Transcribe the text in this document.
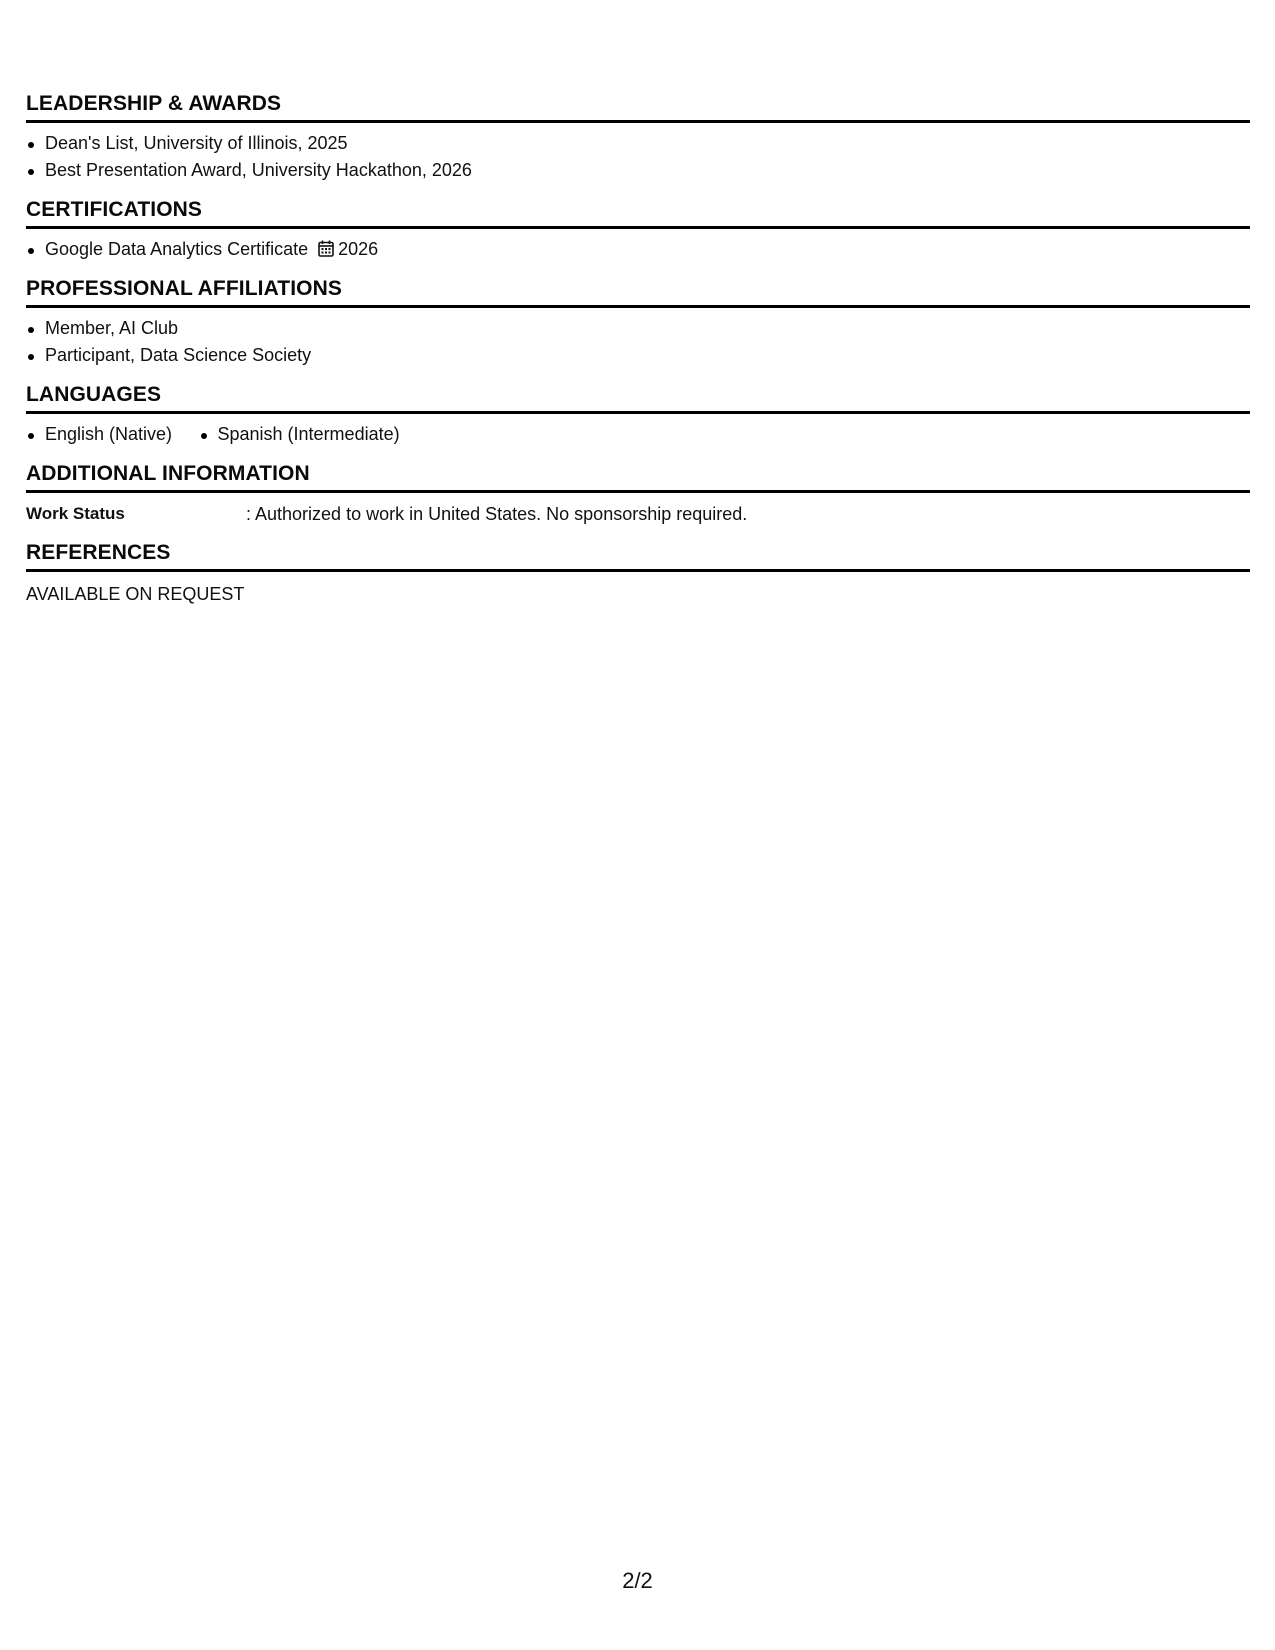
LEADERSHIP & AWARDS
Dean's List, University of Illinois, 2025
Best Presentation Award, University Hackathon, 2026
CERTIFICATIONS
Google Data Analytics Certificate 2026
PROFESSIONAL AFFILIATIONS
Member, AI Club
Participant, Data Science Society
LANGUAGES
English (Native)	Spanish (Intermediate)
ADDITIONAL INFORMATION
Work Status	: Authorized to work in United States. No sponsorship required.
REFERENCES
AVAILABLE ON REQUEST
2/2
